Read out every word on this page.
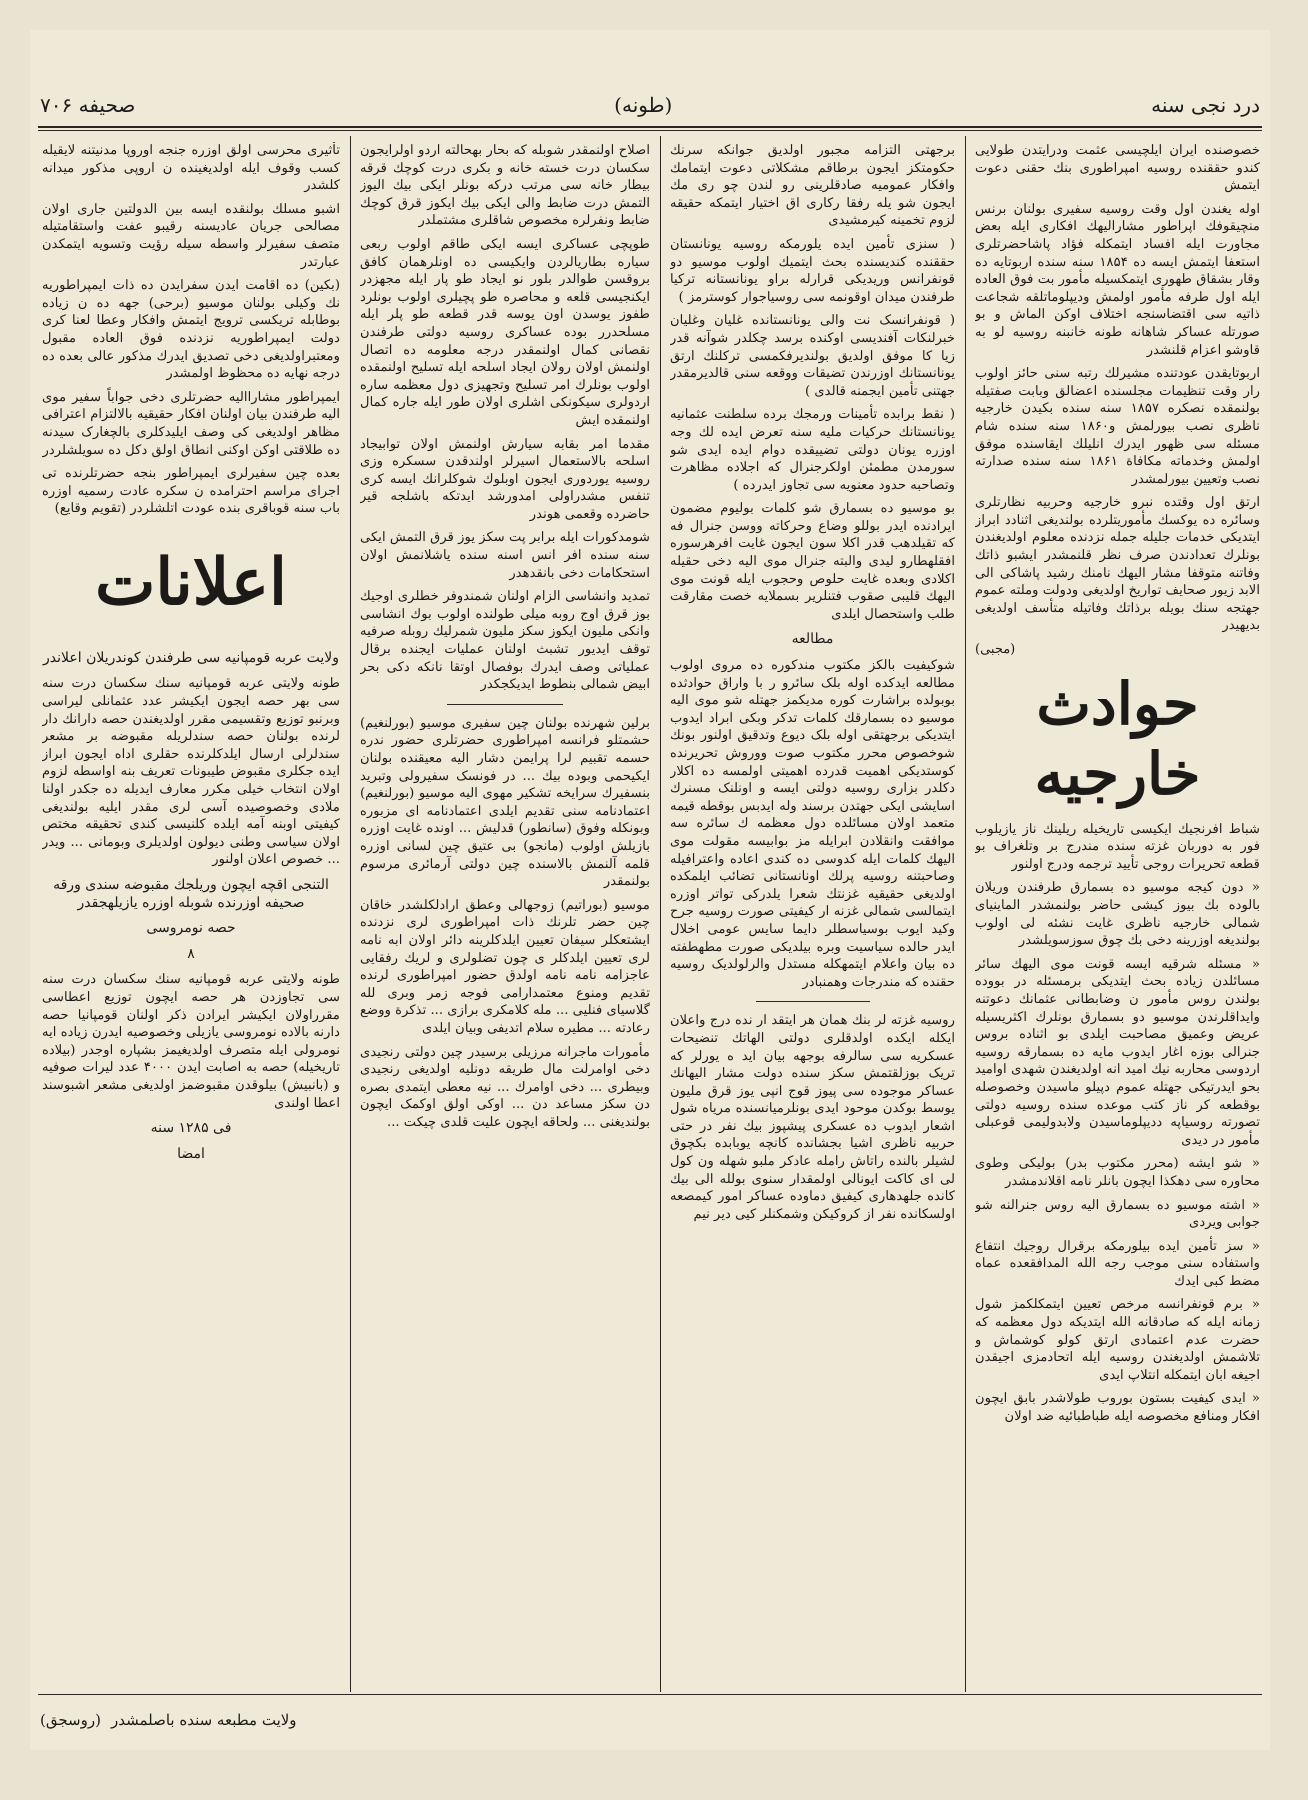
درد نجی سنه
(طونه)
صحیفه ۷۰۶

خصوصنده ایران ایلچیسی عثمت ودرایتدن طولایی کندو حققنده روسیه امپراطوری بنك حقنی دعوت ایتمش

اوله یغندن اول وقت روسیه سفیری بولنان برنس منچیقوفك اپراطور مشارالیهك افکاری ایله بعض مجاورت ایله افساد ایتمکله فؤاد پاشاحضرتلری استعفا ایتمش ایسه ده ۱۸۵۴ سنه سنده اربوتایه ده وقار بشقاق طهوری ایتمکسیله مأمور بت فوق العاده ایله اول طرفه مأمور اولمش ودیپلوماتلقه شجاعت ذاتیه سی اقتضاسنجه اختلاف اوکن الماش و بو صورتله عساکر شاهانه طونه خانبنه روسیه لو به قاوشو اعزام قلنشدر

اربوتایقدن عودتنده مشیرلك رتبه سنی حائز اولوب رار وقت تنظیمات مجلسنده اعضالق وبابت صفتیله بولنمقده نصکره ۱۸۵۷ سنه سنده بکیدن خارجیه ناظری نصب بیورلمش و۱۸۶۰ سنه سنده شام مسئله سی ظهور ایدرك انلیلك ایقاسنده موفق اولمش وخدماته مکافاة ۱۸۶۱ سنه سنده صدارته نصب وتعیین بیورلمشدر

ارتق اول وقتده نبرو خارجیه وحربیه نظارتلری وسائره ده یوکسك مأموریتلرده بولندیغی اثنادد ابراز ایتدیکی خدمات جلیله جمله نزدنده معلوم اولدیغندن بونلرك تعدادندن صرف نظر قلنمشدر ایشبو ذاتك وفاتنه متوقفا مشار الیهك نامنك رشید پاشاکی الی الابد زیور صحایف تواریخ اولدیغی ودولت وملته عموم جهتجه سنك بویله برذاتك وفاتیله متأسف اولدیغی بدیهیدر

(مجبی)
حوادث خارجیه

شباط افرنجیك ایکیسی تاریخیله ریلینك ناز یازیلوب فور به دوربان غزته سنده مندرج بر وتلغراف بو قطعه تحریرات روجی تأیید ترجمه ودرج اولنور

« دون کیجه موسیو ده بسمارق طرفندن وریلان بالوده بك بیوز کیشی حاضر بولنمشدر الماینیای شمالی خارجیه ناظری غایت نشئه لی اولوب بولندیغه اوزرینه دخی بك چوق سوزسویلشدر

« مسئله شرقیه ایسه قونت موی الیهك سائر مسائلدن زیاده بحث ایتدیکی برمسئله در بووده بولندن روس مأمور ن وضابطانی عثمانك دعوتنه وایداقلرندن موسیو دو بسمارق بونلرك اکثریسیله عریض وعمیق مصاحبت ایلدی بو اثناده بروس جنرالی بوزه اغار ایدوب مایه ده بسمارقه روسیه اردوسی محاربه نیك امید انه اولدیغندن شهدی اوامید بحو ایدرتیكی جهتله عموم دپیلو ماسیدن وخصوصله بوقطعه کر ناز کتب موعده سنده روسیه دولتی تصورته روسیاپه ددیپلوماسیدن ولابدولیمی قوعبلی مأمور در دیدی

« شو ایشه (محرر مکتوب بدر) بولیکی وطوی محاوره سی دهکذا ایچون بانلر نامه اقلاندمشدر

« اشته موسیو ده بسمارق الیه روس جنرالنه شو جوابی ویردی

« سز تأمین ایده بیلورمکه برقرال روجیك انتفاع واستفاده سنی موجب رجه الله المدافقعده عماه مضط کبی ایدك

« برم قونفرانسه مرخص تعیین ایتمکلکمز شول زمانه ایله که صادقانه الله ایتدیکه دول معظمه که حضرت عدم اعتمادی ارتق کولو کوشماش و تلاشمش اولدیغندن روسیه ایله اتحادمزی اجیقدن اجیغه ابان ایتمکله انتلاپ ایدی

« ایدی کیفیت بستون بوروب طولاشدر بابق ایچون افکار ومنافع مخصوصه ایله طباطبائیه ضد اولان

برجهتی التزامه مجبور اولدیق جوانکه سرنك حکومتکز ایجون برطاقم مشکلاتی دعوت ایتمامك وافکار عمومیه صادقلرینی رو لندن چو ری مك ایجون شو یله رفقا رکاری اق اختیار ایتمکه حقیقه لزوم تخمینه کیرمشیدی

( سنزی تأمین ایده یلورمکه روسیه یونانستان حققنده کندیسنده بحث ایتمیك اولوب موسیو دو قونفرانس وریدیکی قرارله براو یونانستانه ترکیا طرفندن میدان اوقونمه سی روسیاجوار کوسترمز )

( قونفرانسک نت والی یونانستانده غلیان وغلیان خبرلنکات آفندیسی اوکنده برسد چکلدر شوآنه قدر زیا کا موفق اولدیق بولندیرفکمسی ترکلنك ارتق یونانستانك اوزرندن تضیقات ووقعه سنی قالدیرمقدر جهتنی تأمین ایجمنه قالدی )

( نقط برابده تأمینات ورمجك برده سلطنت عثمانیه یونانستانك حرکیات ملیه سنه تعرض ایده لك وجه اوزره یونان دولتی تضییقده دوام ایده ایدی شو سورمدن مطمئن اولکرجنرال که اجلاده مظاهرت وتصاحبه حدود معنویه سی تجاوز ایدرده )

بو موسیو ده بسمارق شو کلمات بولیوم مضمون ایرادنده ایدر بوللو وضاع وحرکاته ووسن جنرال فه که تقیلدهب قدر اکلا سون ایجون غایت افرهرسوره افقلهطارو لیدی والبته جنرال موی الیه دخی حقیله اکلادی وبعده غایت حلوص وحجوب ایله قونت موی الیهك قلیبی صقوب فتنلریر بسملایه خصت مقارقت طلب واستحصال ایلدی

مطالعه

شوکیفیت بالکز مکتوب مندکوره ده مروی اولوب مطالعه ایدکده اوله بلک سائرو ر با واراق حوادثده بوبولده براشارت کوره مدیکمز جهتله شو موی الیه موسیو ده بسمارقك کلمات تدکر وبکی ابراد ایدوب ایتدیکی برجهتقی اوله بلک دیوع وتدقیق اولنور بونك شوخصوص محرر مکتوب صوت ووروش تحریرنده كوستدیکی اهمیت قدرده اهمیتی اولمسه ده اکلار دکلدر بزاری روسیه دولتی ایسه و اونلنک مسنرك اسایشی ایکی جهتدن برسند وله ایدبس بوقطه قیمه متعمد اولان مسائلده دول معظمه ك سائره سه موافقت وانقلادن ابرایله مز بوابیسه مقولت موی الیهك کلمات ایله کدوسی ده کندی اعاده واعترافیله وصاحبتنه روسیه پرلك اونانستانی تضائب ایلمکده اولدیغی حقیقیه غزنتك شعرا یلدرکی تواتر اوزره ایتمالسی شمالی غزنه ار کیفیتی صورت روسیه جرح وکید ایوب بوسیاسطلر دایما سایس عومی اخلال ایدر حالده سیاسیت وبره بیلدیکی صورت مطهطفته ده بیان واعلام ایتمهکله مستدل والرلولدیک روسیه حقنده که مندرجات وهمنبادر

روسیه غزته لر بنك همان هر ایتقد ار نده درج واعلان ایکله ایکده اولدقلری دولتی الهاتك تنضیحات عسکریه سی سالرفه بوجهه بیان اید ه یورلر که تریک بوزلقتمش سکز سنده دولت مشار الیهانك عساکر موجوده سی پیوز قوج انپی یوز قرق ملیون یوسط بوکدن موحود ایدی بونلرمیانسنده مریاه شول اشعار ایدوب ده عسکری پیشپوز بیك نفر در حتی حربیه ناظری اشیا بجشانده کانچه یوبابده بکچوق لشیلر بالنده راتاش رامله عادکر ملبو شهله ون کول لی ای کاکت ایونالی اولمقدار سنوی بولله الی بیك کانده جلهدهاری کیفیق دماوده عساکر امور کیمصعه اولسکانده نفر از کروکیکن وشمکنلر کیی دیر نیم

اصلاح اولنمقدر شوبله که بحار بهحالته اردو اولرایجون سکسان درت خسته خانه و بکری درت کوچك قرقه بیطار خانه سی مرتب درکه بونلر ایکی بیك الیوز التمش درت ضابط والی ایکی بیك ایکوز قرق کوچك ضابط ونفرلره مخصوص شاقلری مشتملدر

طوپچی عساکری ایسه ایکی طاقم اولوب ربعی سیاره بطاریالردن وایکیسی ده اونلرهمان کافق بروقسن طوالدر بلور نو ایجاد طو پار ایله مجهزدر ایکنجیسی قلعه و محاصره طو پچیلری اولوب بونلرد طفوز یوسدن اون یوسه قدر قطعه طو پلر ایله مسلحدرر بوده عساکری روسیه دولتی طرفندن نقصانی کمال اولنمقدر درجه معلومه ده اتصال اولنمش اولان رولان ایجاد اسلحه ایله تسلیح اولنمقده اولوب بونلرك امر تسلیح وتجهیزی دول معظمه ساره اردولری سیکونکی اشلری اولان طور ایله جاره کمال اولنمقده ایش

مقدما امر بقابه سیارش اولنمش اولان توابیجاد اسلحه بالاستعمال اسیرلر اولندقدن سسکره وزی روسیه یوردوری ایجون اوبلوك شوکلرانك ایسه کری تنفس مشدراولی امدورشد ایدتکه باشلجه قیر حاضرده وقعمی هوندر

شومدکورات ایله برابر پت سکز یوز قرق التمش ایکی سنه سنده افر انس اسنه سنده یاشلانمش اولان استحکامات دخی بانقدهدر

تمدید وانشاسی الزام اولنان شمندوفر خطلری اوجیك بوز قرق اوج روبه میلی طولنده اولوب بوك انشاسی وانکی ملیون ایکوز سکز ملیون شمرلیك روبله صرفیه توقف ایدیور تشبث اولنان عملیات ایجنده برقال عملیاتی وصف ایدرك بوفصال اوتقا نانکه دکی بحر ابیض شمالی بنطوط ایدیکجکدر

برلین شهرنده بولنان چین سفیری موسیو (بورلنغیم) حشمتلو فرانسه امپراطوری حضرتلری حضور ندره حسمه تقبیم لرا پرایمن دشار الیه معیقنده بولنان ایکیحمی وبوده بیك ... در فونسک سفیرولی وتبرید بنسفیرك سرایخه تشکیر مهوی الیه موسیو (بورلنغیم) اعتمادنامه سنی تقدیم ایلدی اعتمادنامه ای مزبوره وبونکله وفوق (سانطور) قدلیش ... اونده غایت اوزره بازیلش اولوب (مانجو) بی عتیق چین لسانی اوزره قلمه آلنمش بالاسنده چین دولتی آرمائری مرسوم بولنمقدر

موسیو (بوراتیم) زوجهالی وعطق ارادلکلشدر خاقان چین حضر تلرنك ذات امپراطوری لری نزدنده ایشتعکلر سیفان تعیین ایلدکلرینه دائر اولان ابه نامه لری تعیین ایلدکلر ی چون تضلولری و لریك رفقایی عاجزامه نامه نامه اولدق حضور امپراطوری لرنده تقدیم ومنوع معتمدارامی فوجه زمر وبری لله گلاسیای فنلیی ... مله کلامکری برازی ... تذکرة ووضع رعادته ... مطیره سلام اتدیفی وبیان ایلدی

مأمورات ماجرانه مرزیلی برسیدر چین دولتی رنجیدی دخی اوامرلت مال طریقه دونلیه اولدیغی رنجیدی وبیطری ... دخی اوامرك ... نیه معطی ایتمدی بصره دن سکز مساعد دن ... اوکی اولق اوکمک ایچون بولندیغنی ... ولحاقه ایچون علیت قلدی چیکت ...

تأثیری محرسی اولق اوزره جنجه اوروپا مدنیتنه لایقیله کسب وقوف ایله اولدیغینده ن اروپی مذکور میدانه کلشدر

اشبو مسلك بولنقده ایسه بین الدولتین جاری اولان مصالحی جریان عادیسنه رقیبو عفت واستقامتیله متصف سفیرلر واسطه سیله رؤیت وتسویه ایتمکدن عبارتدر

(بکین) ده اقامت ایدن سفرایدن ده ذات ایمپراطوریه نك وکیلی بولنان موسیو (برحی) جهه ده ن زیاده بوطابله تریکسی ترویج ایتمش وافکار وعطا لعنا کری دولت ایمپراطوریه نزدنده فوق العاده مقبول ومعتبراولدیغی دخی تصدیق ایدرك مذکور عالی بعده ده درجه نهایه ده محظوظ اولمشدر

ایمپراطور مشاراالیه حضرتلری دخی جواباً سفیر موی الیه طرفندن بیان اولنان افکار حقیقیه بالالتزام اعترافی مظاهر اولدیغی کی وصف ایلیدکلری بالچغارک سیدنه ده طلاقتی اوکن اوکنی انطاق اولق دکل ده سویلشلردر

بعده چین سفیرلری ایمپراطور بنجه حضرتلرنده تی اجرای مراسم احترامده ن سکره عادت رسمیه اوزره باب سنه قوباقری بنده عودت اتلشلردر (تقویم وقایع)

اعلانات
ولایت عربه قومپانیه سی طرفندن کوندریلان اعلاندر

طونه ولایتی عربه قومپانیه سنك سکسان درت سنه سی بهر حصه ایجون ایکیشر عدد عثمانلی لیراسی وبرنبو توزیع وتقسیمی مقرر اولدیغندن حصه دارانك دار لرنده بولنان حصه سندلریله مقبوضه بر مشعر سندلرلی ارسال ایلدکلرنده حقلری اداه ایجون ابراز ایده جکلری مقبوض طیبونات تعریف بنه اواسطه لزوم اولان انتخاب خیلی مکرر معارف ایدیله ده جکدر اولنا ملادی وخصوصیده آسی لری مقدر ایلیه بولندیغی کیفیتی اوبنه آمه ایلده کلنیسی کندی تحقیقه مختص اولان سیاسی وطنی دیولون اولدیلری وبومانی ... ویدر ... خصوص اعلان اولنور

التنجی اقچه ایچون وریلجك مقبوضه سندی ورقه صحیفه اوزرنده شوبله اوزره یازیلهجقدر
حصه نومروسی
۸

طونه ولایتی عربه قومپانیه سنك سکسان درت سنه سی تجاوزدن هر حصه ایچون توزیع اعطاسی مقرراولان ایکیشر ایرادن ذکر اولنان قومپانیا حصه دارنه بالاده نومروسی یازیلی وخصوصیه ایدرن زیاده ایه نومرولی ایله متصرف اولدیغیمز بشپاره اوجدر (بیلاده تاریخیله) حصه به اصابت ایدن ۴۰۰۰ عدد لیرات صوفیه و (بانبیش) بیلوقدن مقبوضمز اولدیغی مشعر اشبوسند اعطا اولندی

فی ۱۲۸۵ سنه
امضا
ولایت مطبعه سنده باصلمشدر
(روسجق)
